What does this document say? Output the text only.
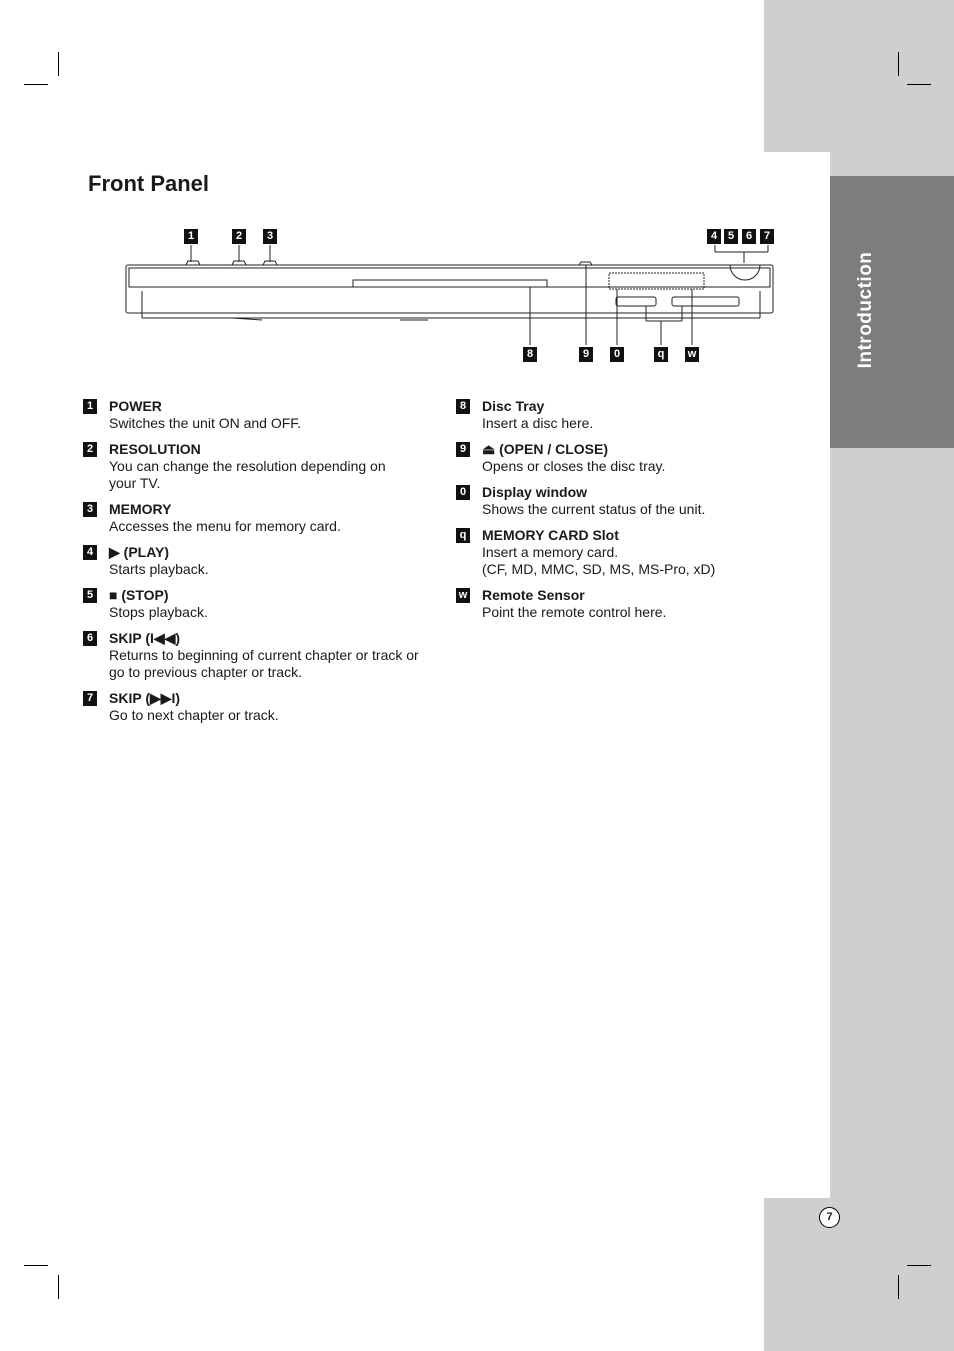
Introduction
Front Panel
1	2	3	4 5	6	7
8	9	0	q	w
1 POWER
Switches the unit ON and OFF.
2 RESOLUTION
You can change the resolution depending on
your TV.
3 MEMORY
Accesses the menu for memory card.
4 ▶ (PLAY)
Starts playback.
5 ■ (STOP)
Stops playback.
6 SKIP (I◀◀)
Returns to beginning of current chapter or track or
go to previous chapter or track.
7 SKIP (▶▶I)
Go to next chapter or track.
8 Disc Tray
Insert a disc here.
9 ⏏ (OPEN / CLOSE)
Opens or closes the disc tray.
0 Display window
Shows the current status of the unit.
q MEMORY CARD Slot
Insert a memory card.
(CF, MD, MMC, SD, MS, MS-Pro, xD)
w Remote Sensor
Point the remote control here.
7
